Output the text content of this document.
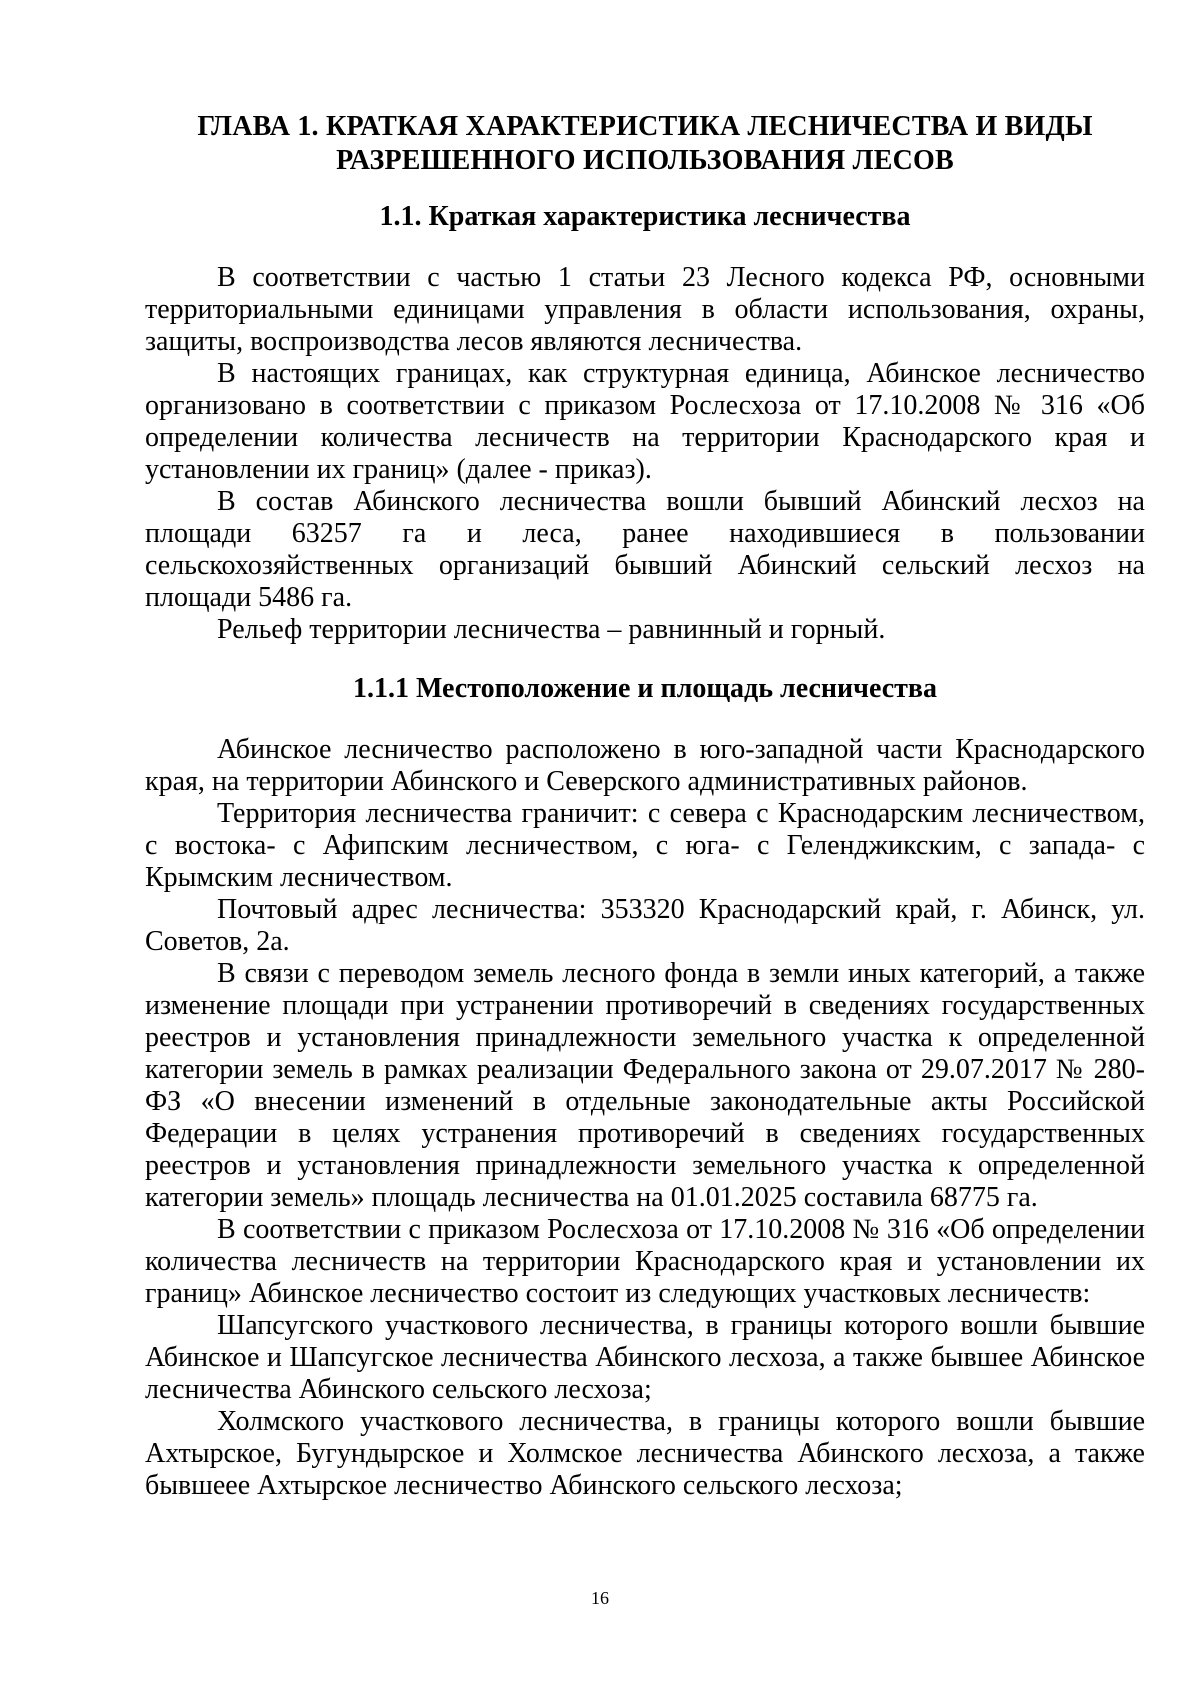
ГЛАВА 1. КРАТКАЯ ХАРАКТЕРИСТИКА ЛЕСНИЧЕСТВА И ВИДЫ
РАЗРЕШЕННОГО ИСПОЛЬЗОВАНИЯ ЛЕСОВ
1.1. Краткая характеристика лесничества

В соответствии с частью 1 статьи 23 Лесного кодекса РФ, основными территориальными единицами управления в области использования, охраны, защиты, воспроизводства лесов являются лесничества.

В настоящих границах, как структурная единица, Абинское лесничество организовано в соответствии с приказом Рослесхоза от 17.10.2008 № 316 «Об определении количества лесничеств на территории Краснодарского края и установлении их границ» (далее - приказ).

В состав Абинского лесничества вошли бывший Абинский лесхоз на площади 63257 га и леса, ранее находившиеся в пользовании сельскохозяйственных организаций бывший Абинский сельский лесхоз на площади 5486 га.

Рельеф территории лесничества – равнинный и горный.

1.1.1 Местоположение и площадь лесничества

Абинское лесничество расположено в юго-западной части Краснодарского края, на территории Абинского и Северского административных районов.

Территория лесничества граничит: с севера с Краснодарским лесничеством, с востока- с Афипским лесничеством, с юга- с Геленджикским, с запада- с Крымским лесничеством.

Почтовый адрес лесничества: 353320 Краснодарский край, г. Абинск, ул. Советов, 2а.

В связи с переводом земель лесного фонда в земли иных категорий, а также изменение площади при устранении противоречий в сведениях государственных реестров и установления принадлежности земельного участка к определенной категории земель в рамках реализации Федерального закона от 29.07.2017 № 280-ФЗ «О внесении изменений в отдельные законодательные акты Российской Федерации в целях устранения противоречий в сведениях государственных реестров и установления принадлежности земельного участка к определенной категории земель» площадь лесничества на 01.01.2025 составила 68775 га.

В соответствии с приказом Рослесхоза от 17.10.2008 № 316 «Об определении количества лесничеств на территории Краснодарского края и установлении их границ» Абинское лесничество состоит из следующих участковых лесничеств:

Шапсугского участкового лесничества, в границы которого вошли бывшие Абинское и Шапсугское лесничества Абинского лесхоза, а также бывшее Абинское лесничества Абинского сельского лесхоза;

Холмского участкового лесничества, в границы которого вошли бывшие Ахтырское, Бугундырское и Холмское лесничества Абинского лесхоза, а также бывшеее Ахтырское лесничество Абинского сельского лесхоза;

16
